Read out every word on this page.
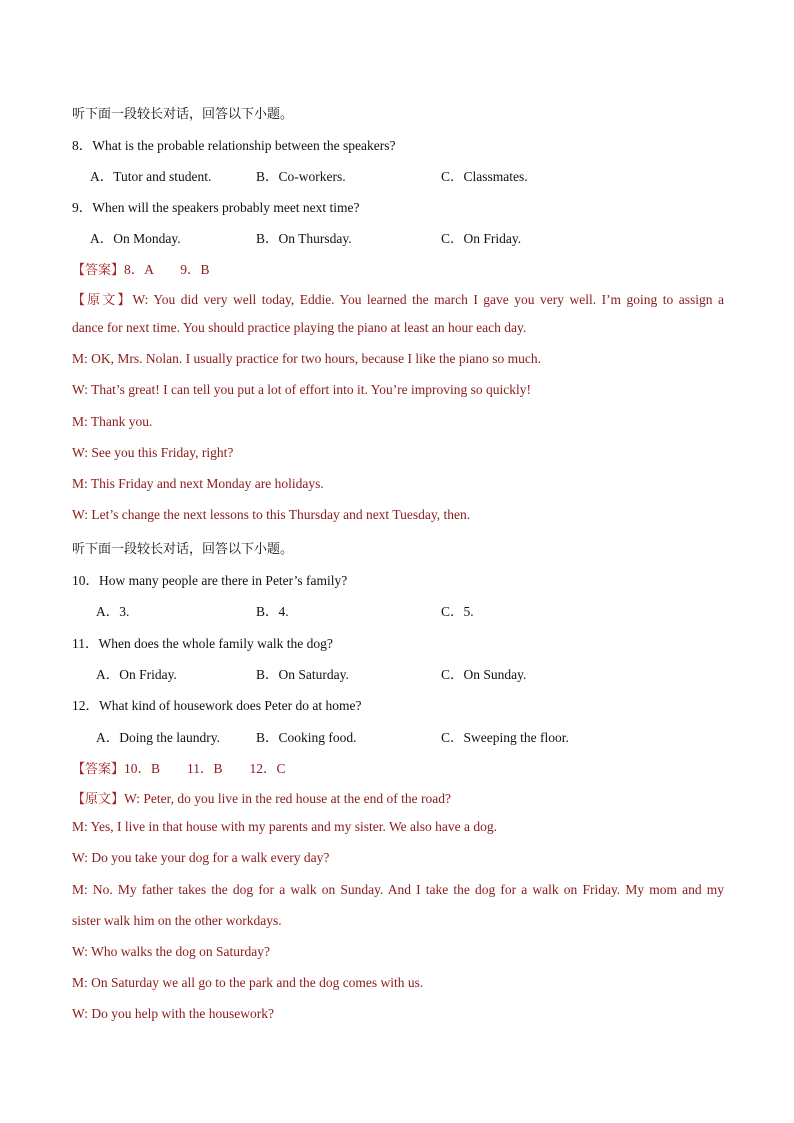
听下面一段较长对话，回答以下小题。
8．What is the probable relationship between the speakers?
A．Tutor and student.	B．Co-workers.	C．Classmates.
9．When will the speakers probably meet next time?
A．On Monday.	B．On Thursday.	C．On Friday.
【答案】8．A　　9．B
【原文】W: You did very well today, Eddie. You learned the march I gave you very well. I’m going to assign a
dance for next time. You should practice playing the piano at least an hour each day.
M: OK, Mrs. Nolan. I usually practice for two hours, because I like the piano so much.
W: That’s great! I can tell you put a lot of effort into it. You’re improving so quickly!
M: Thank you.
W: See you this Friday, right?
M: This Friday and next Monday are holidays.
W: Let’s change the next lessons to this Thursday and next Tuesday, then.
听下面一段较长对话，回答以下小题。
10．How many people are there in Peter’s family?
A．3.	B．4.	C．5.
11．When does the whole family walk the dog?
A．On Friday.	B．On Saturday.	C．On Sunday.
12．What kind of housework does Peter do at home?
A．Doing the laundry.	B．Cooking food.	C．Sweeping the floor.
【答案】10．B　　11．B　　12．C
【原文】W: Peter, do you live in the red house at the end of the road?
M: Yes, I live in that house with my parents and my sister. We also have a dog.
W: Do you take your dog for a walk every day?
M: No. My father takes the dog for a walk on Sunday. And I take the dog for a walk on Friday. My mom and my
sister walk him on the other workdays.
W: Who walks the dog on Saturday?
M: On Saturday we all go to the park and the dog comes with us.
W: Do you help with the housework?
